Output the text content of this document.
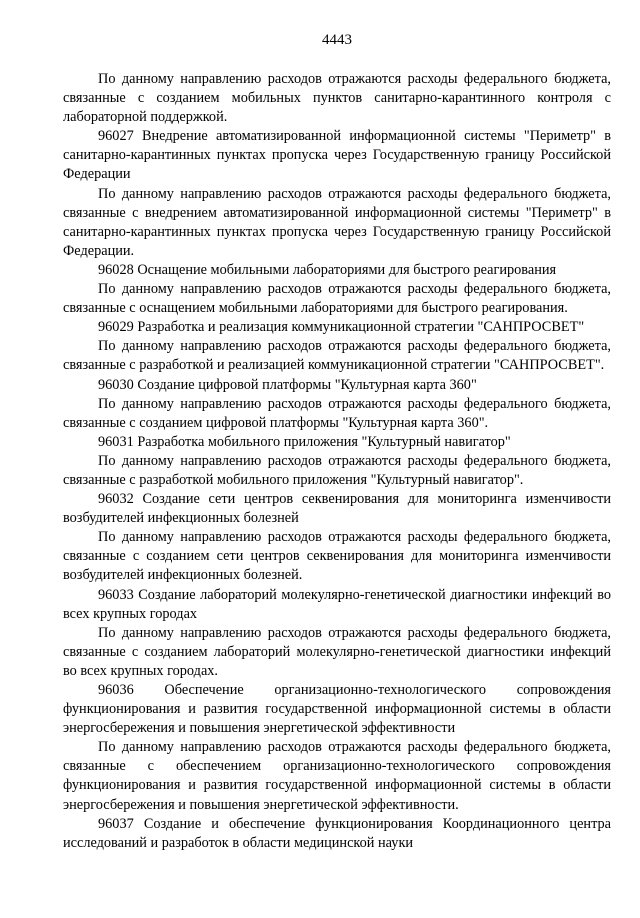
4443

По данному направлению расходов отражаются расходы федерального бюджета, связанные с созданием мобильных пунктов санитарно-карантинного контроля с лабораторной поддержкой.

96027 Внедрение автоматизированной информационной системы "Периметр" в санитарно-карантинных пунктах пропуска через Государственную границу Российской Федерации

По данному направлению расходов отражаются расходы федерального бюджета, связанные с внедрением автоматизированной информационной системы "Периметр" в санитарно-карантинных пунктах пропуска через Государственную границу Российской Федерации.

96028 Оснащение мобильными лабораториями для быстрого реагирования

По данному направлению расходов отражаются расходы федерального бюджета, связанные с оснащением мобильными лабораториями для быстрого реагирования.

96029 Разработка и реализация коммуникационной стратегии "САНПРОСВЕТ"

По данному направлению расходов отражаются расходы федерального бюджета, связанные с разработкой и реализацией коммуникационной стратегии "САНПРОСВЕТ".

96030 Создание цифровой платформы "Культурная карта 360"

По данному направлению расходов отражаются расходы федерального бюджета, связанные с созданием цифровой платформы "Культурная карта 360".

96031 Разработка мобильного приложения "Культурный навигатор"

По данному направлению расходов отражаются расходы федерального бюджета, связанные с разработкой мобильного приложения "Культурный навигатор".

96032 Создание сети центров секвенирования для мониторинга изменчивости возбудителей инфекционных болезней

По данному направлению расходов отражаются расходы федерального бюджета, связанные с созданием сети центров секвенирования для мониторинга изменчивости возбудителей инфекционных болезней.

96033 Создание лабораторий молекулярно-генетической диагностики инфекций во всех крупных городах

По данному направлению расходов отражаются расходы федерального бюджета, связанные с созданием лабораторий молекулярно-генетической диагностики инфекций во всех крупных городах.

96036 Обеспечение организационно-технологического сопровождения функционирования и развития государственной информационной системы в области энергосбережения и повышения энергетической эффективности

По данному направлению расходов отражаются расходы федерального бюджета, связанные с обеспечением организационно-технологического сопровождения функционирования и развития государственной информационной системы в области энергосбережения и повышения энергетической эффективности.

96037 Создание и обеспечение функционирования Координационного центра исследований и разработок в области медицинской науки
